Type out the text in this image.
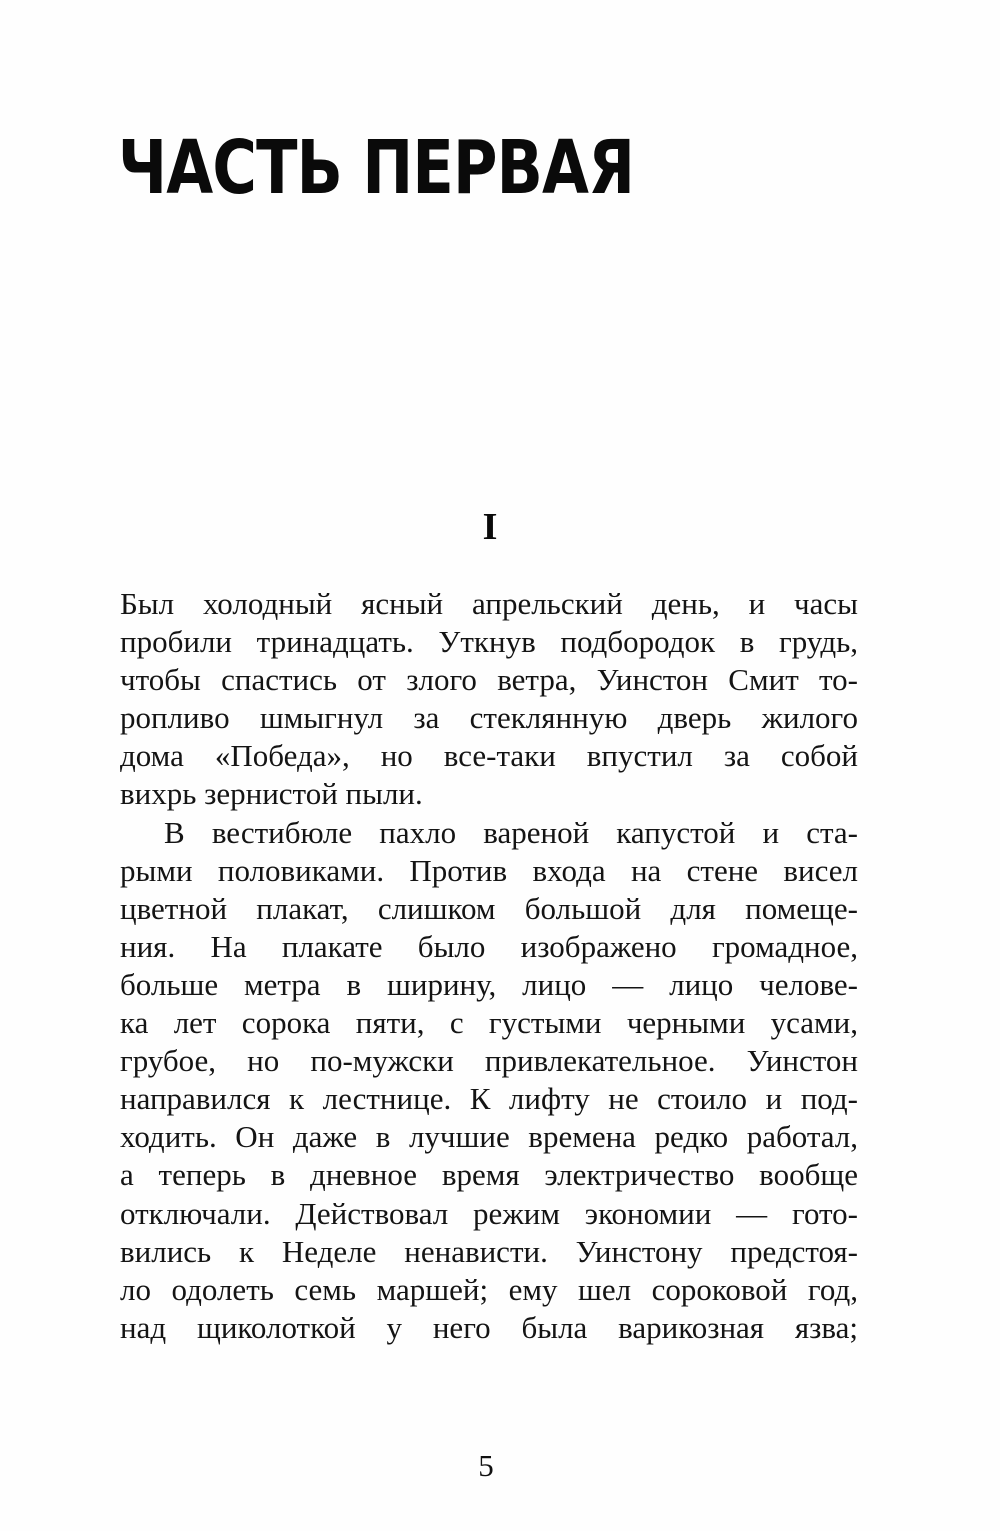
ЧАСТЬ ПЕРВАЯ
I
Был холодный ясный апрельский день, и часы
пробили тринадцать. Уткнув подбородок в грудь,
чтобы спастись от злого ветра, Уинстон Смит то-
ропливо шмыгнул за стеклянную дверь жилого
дома «Победа», но все-таки впустил за собой
вихрь зернистой пыли.
В вестибюле пахло вареной капустой и ста-
рыми половиками. Против входа на стене висел
цветной плакат, слишком большой для помеще-
ния. На плакате было изображено громадное,
больше метра в ширину, лицо — лицо челове-
ка лет сорока пяти, с густыми черными усами,
грубое, но по-мужски привлекательное. Уинстон
направился к лестнице. К лифту не стоило и под-
ходить. Он даже в лучшие времена редко работал,
а теперь в дневное время электричество вообще
отключали. Действовал режим экономии — гото-
вились к Неделе ненависти. Уинстону предстоя-
ло одолеть семь маршей; ему шел сороковой год,
над щиколоткой у него была варикозная язва;
5
